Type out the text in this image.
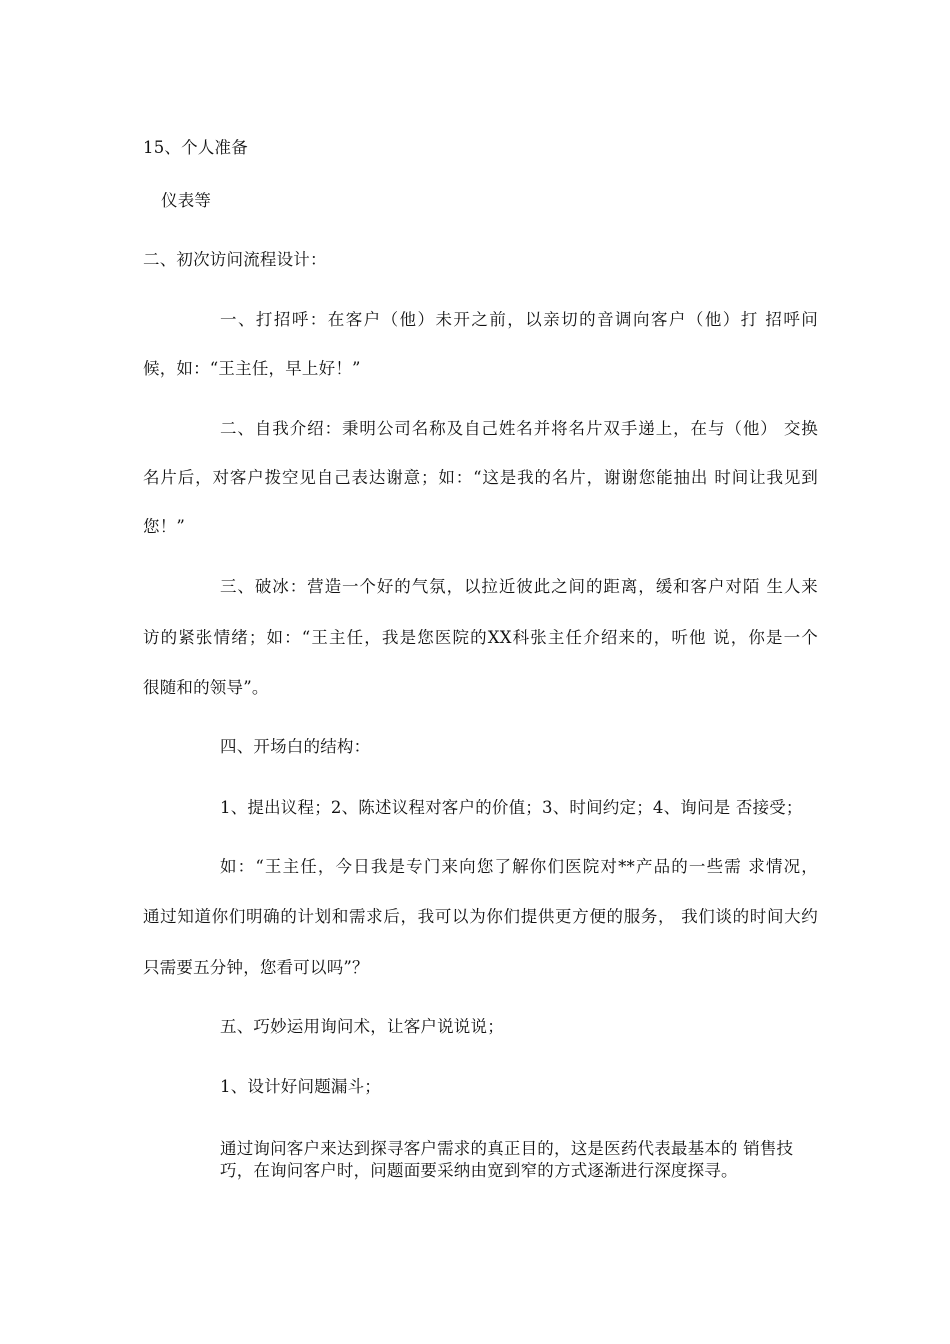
15、个人准备
仪表等
二、初次访问流程设计：
一、打招呼：在客户（他）未开之前，以亲切的音调向客户（他）打 招呼问
候，如：“王主任，早上好！”
二、自我介绍：秉明公司名称及自己姓名并将名片双手递上，在与（他） 交换
名片后，对客户拨空见自己表达谢意；如：“这是我的名片，谢谢您能抽出 时间让我见到
您！”
三、破冰：营造一个好的气氛，以拉近彼此之间的距离，缓和客户对陌 生人来
访的紧张情绪；如：“王主任，我是您医院的XX科张主任介绍来的，听他 说，你是一个
很随和的领导”。
四、开场白的结构：
1、提出议程；2、陈述议程对客户的价值；3、时间约定；4、询问是 否接受；
如：“王主任，今日我是专门来向您了解你们医院对**产品的一些需 求情况，
通过知道你们明确的计划和需求后，我可以为你们提供更方便的服务， 我们谈的时间大约
只需要五分钟，您看可以吗”？
五、巧妙运用询问术，让客户说说说；
1、设计好问题漏斗；
通过询问客户来达到探寻客户需求的真正目的，这是医药代表最基本的 销售技巧，在询问客户时，问题面要采纳由宽到窄的方式逐渐进行深度探寻。
